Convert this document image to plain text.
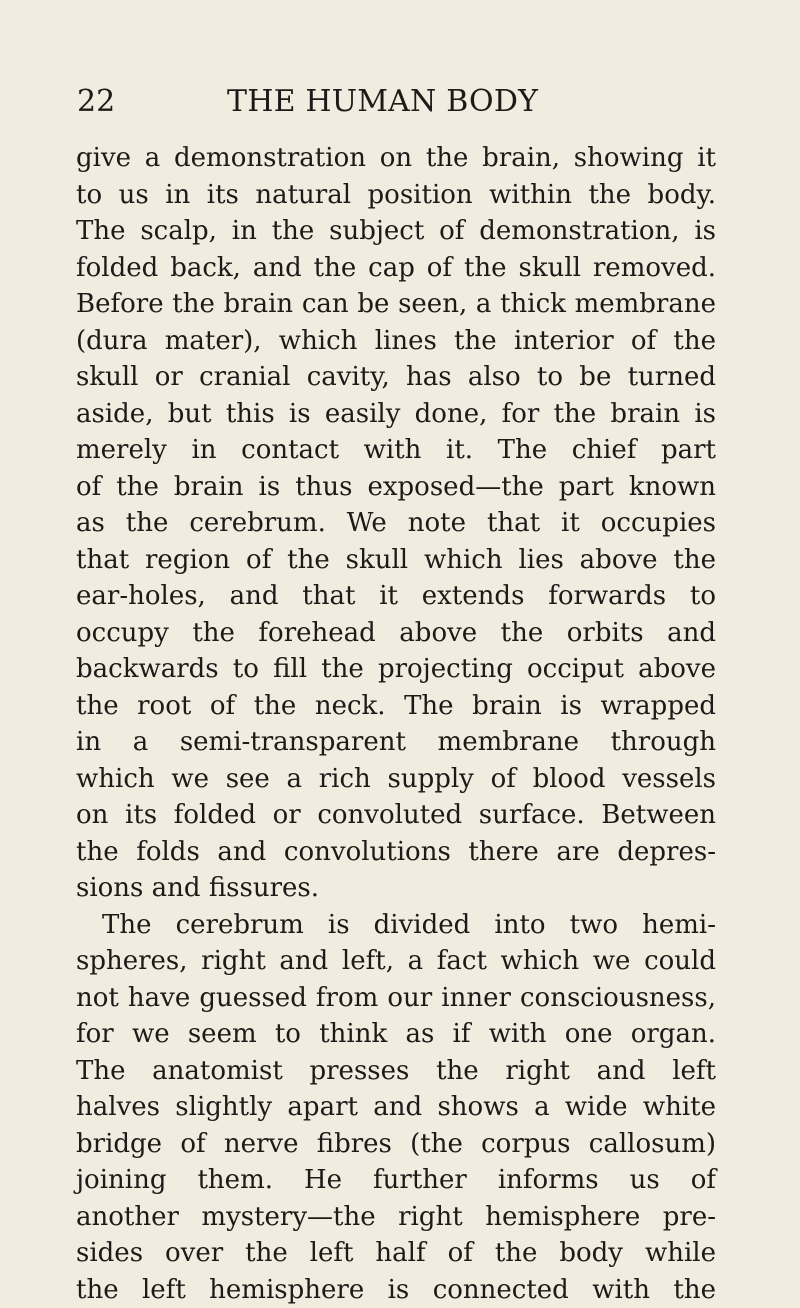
22	THE HUMAN BODY
give a demonstration on the brain, showing it
to us in its natural position within the body.
The scalp, in the subject of demonstration, is
folded back, and the cap of the skull removed.
Before the brain can be seen, a thick membrane
(dura mater), which lines the interior of the
skull or cranial cavity, has also to be turned
aside, but this is easily done, for the brain is
merely in contact with it. The chief part
of the brain is thus exposed—the part known
as the cerebrum. We note that it occupies
that region of the skull which lies above the
ear-holes, and that it extends forwards to
occupy the forehead above the orbits and
backwards to fill the projecting occiput above
the root of the neck. The brain is wrapped
in a semi-transparent membrane through
which we see a rich supply of blood vessels
on its folded or convoluted surface. Between
the folds and convolutions there are depres-
sions and fissures.
The cerebrum is divided into two hemi-
spheres, right and left, a fact which we could
not have guessed from our inner consciousness,
for we seem to think as if with one organ.
The anatomist presses the right and left
halves slightly apart and shows a wide white
bridge of nerve fibres (the corpus callosum)
joining them. He further informs us of
another mystery—the right hemisphere pre-
sides over the left half of the body while
the left hemisphere is connected with the
